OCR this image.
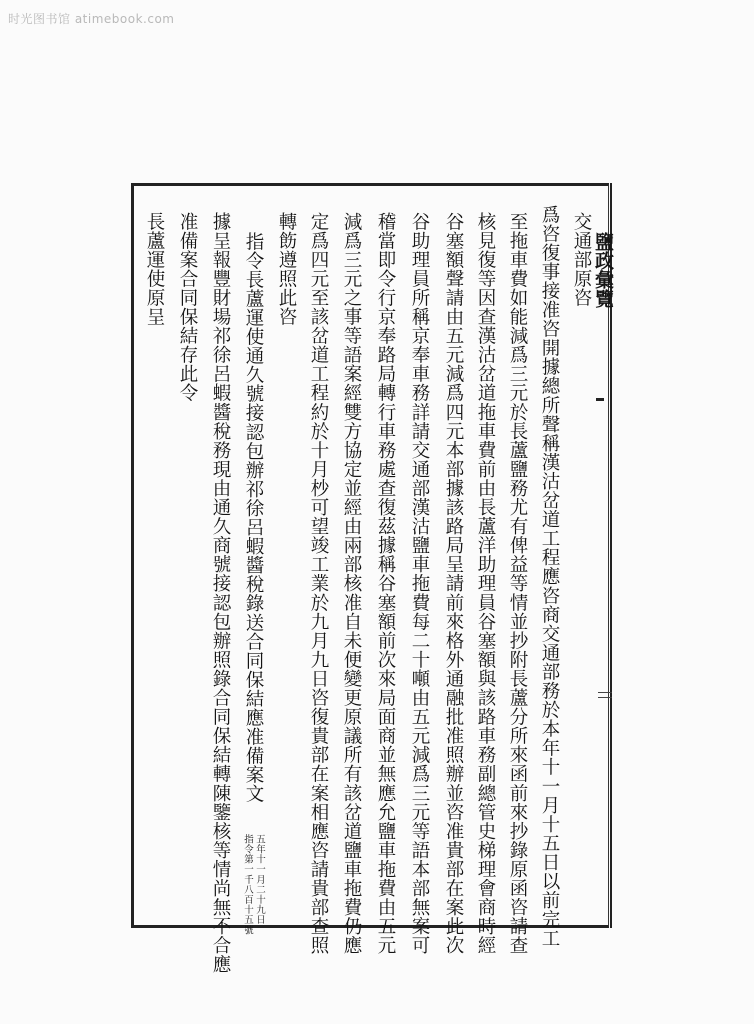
时光图书馆 atimebook.com
鹽政彙覽
交通部原咨
爲咨復事接准咨開據總所聲稱漢沽岔道工程應咨商交通部務於本年十一月十五日以前完工
至拖車費如能減爲三元於長蘆鹽務尤有俾益等情並抄附長蘆分所來函前來抄錄原函咨請查
核見復等因查漢沽岔道拖車費前由長蘆洋助理員谷塞額與該路車務副總管史梯理會商時經
谷塞額聲請由五元減爲四元本部據該路局呈請前來格外通融批准照辦並咨准貴部在案此次
谷助理員所稱京奉車務詳請交通部漢沽鹽車拖費每二十噸由五元減爲三元等語本部無案可
稽當即令行京奉路局轉行車務處查復茲據稱谷塞額前次來局面商並無應允鹽車拖費由五元
減爲三元之事等語案經雙方協定並經由兩部核准自未便變更原議所有該岔道鹽車拖費仍應
定爲四元至該岔道工程約於十月杪可望竣工業於九月九日咨復貴部在案相應咨請貴部查照
轉飭遵照此咨
指令長蘆運使通久號接認包辦祁徐呂蝦醬稅錄送合同保結應准備案文
五年十一月二十九日
指令第一千八百十五號
據呈報豐財場祁徐呂蝦醬稅務現由通久商號接認包辦照錄合同保結轉陳鑒核等情尚無不合應
准備案合同保結存此令
長蘆運使原呈
